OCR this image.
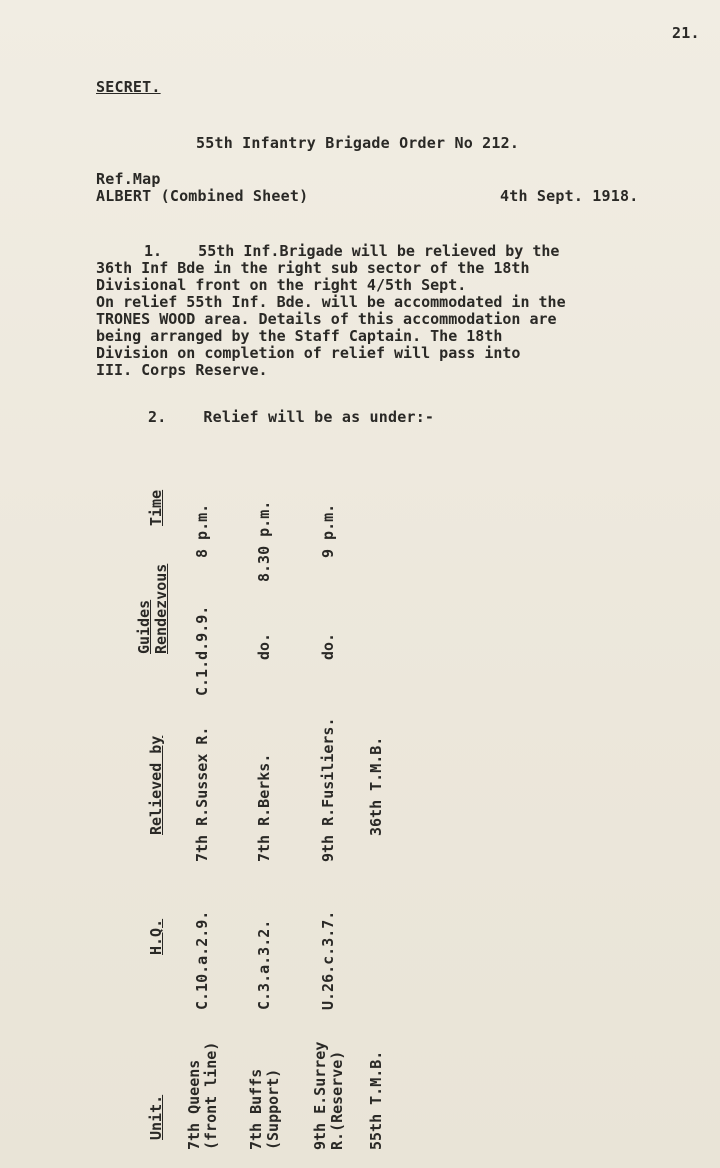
21.
SECRET.
55th Infantry Brigade Order No 212.
Ref.Map
ALBERT (Combined Sheet)	4th Sept. 1918.
1.    55th Inf.Brigade will be relieved by the
36th Inf Bde in the right sub sector of the 18th
Divisional front on the right 4/5th Sept.
On relief 55th Inf. Bde. will be accommodated in the
TRONES WOOD area. Details of this accommodation are
being arranged by the Staff Captain. The 18th
Division on completion of relief will pass into
III. Corps Reserve.
2.    Relief will be as under:-
Unit.
H.Q.
Relieved by
Guides Rendezvous
Time
7th Queens (front line)
C.10.a.2.9.
7th R.Sussex R.
C.1.d.9.9.
8 p.m.
7th Buffs (Support)
C.3.a.3.2.
7th R.Berks.
do.
8.30 p.m.
9th E.Surrey R.(Reserve)
U.26.c.3.7.
9th R.Fusiliers.
do.
9 p.m.
55th T.M.B.
36th T.M.B.
